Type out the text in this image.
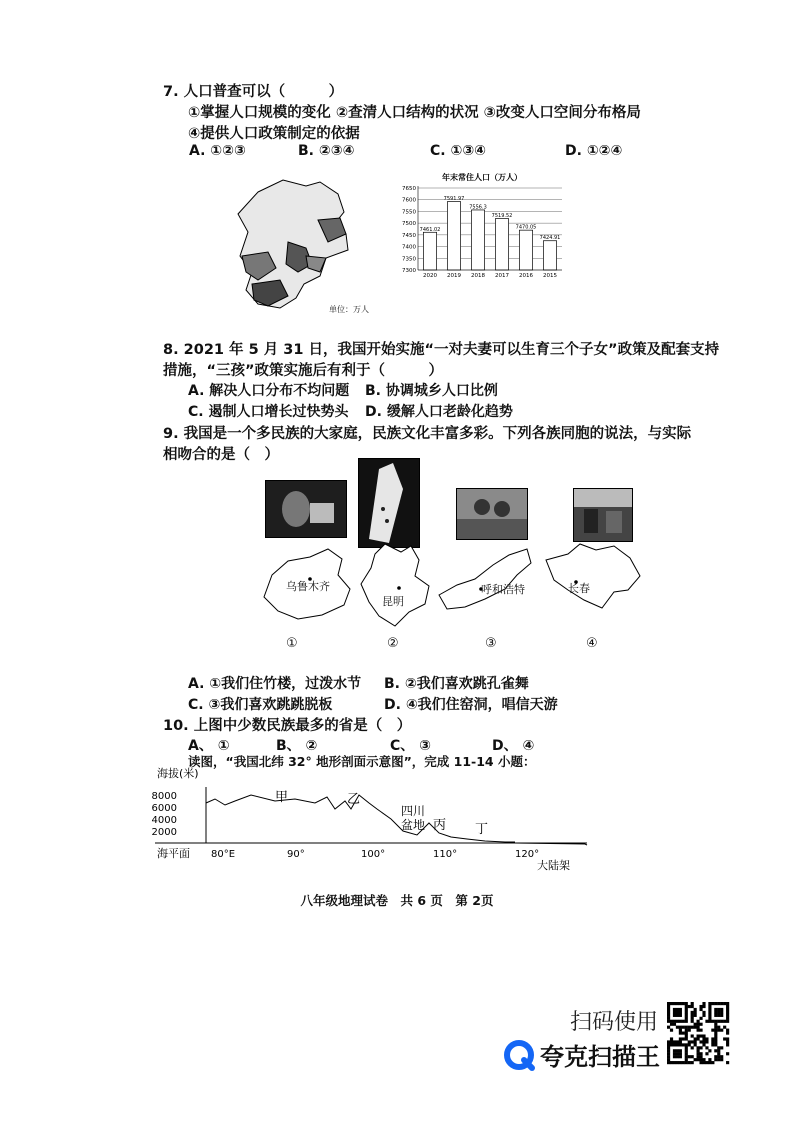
7. 人口普查可以（　　　）
①掌握人口规模的变化 ②查清人口结构的状况 ③改变人口空间分布格局
④提供人口政策制定的依据
A. ①②③	B. ②③④	C. ①③④	D. ①②④
单位：万人
年末常住人口（万人）
7650
7600
7550
7500
7450
7400
7350
7300
7461.02
7591.97
7556.3
7519.52
7470.05
7424.91
2020 2019 2018 2017 2016 2015
8. 2021 年 5 月 31 日，我国开始实施“一对夫妻可以生育三个子女”政策及配套支持
措施，“三孩”政策实施后有利于（　　　）
A. 解决人口分布不均问题 B. 协调城乡人口比例
C. 遏制人口增长过快势头 D. 缓解人口老龄化趋势
9. 我国是一个多民族的大家庭，民族文化丰富多彩。下列各族同胞的说法，与实际
相吻合的是（　）
乌鲁木齐
昆明
呼和浩特	长春
①	②	③	④
A. ①我们住竹楼，过泼水节 B. ②我们喜欢跳孔雀舞
C. ③我们喜欢跳跳脱板	D. ④我们住窑洞，唱信天游
10. 上图中少数民族最多的省是（　）
A、 ①	B、 ②	C、 ③	D、 ④
读图，“我国北纬 32° 地形剖面示意图”，完成 11-14 小题：
海拔(米)
8000
6000
4000
2000
海平面 80°E	90°	100°	110°	120°
甲	乙
四川
盆地 丙 丁
大陆架
八年级地理试卷　共 6 页　第 2页
扫码使用
夸克扫描王
